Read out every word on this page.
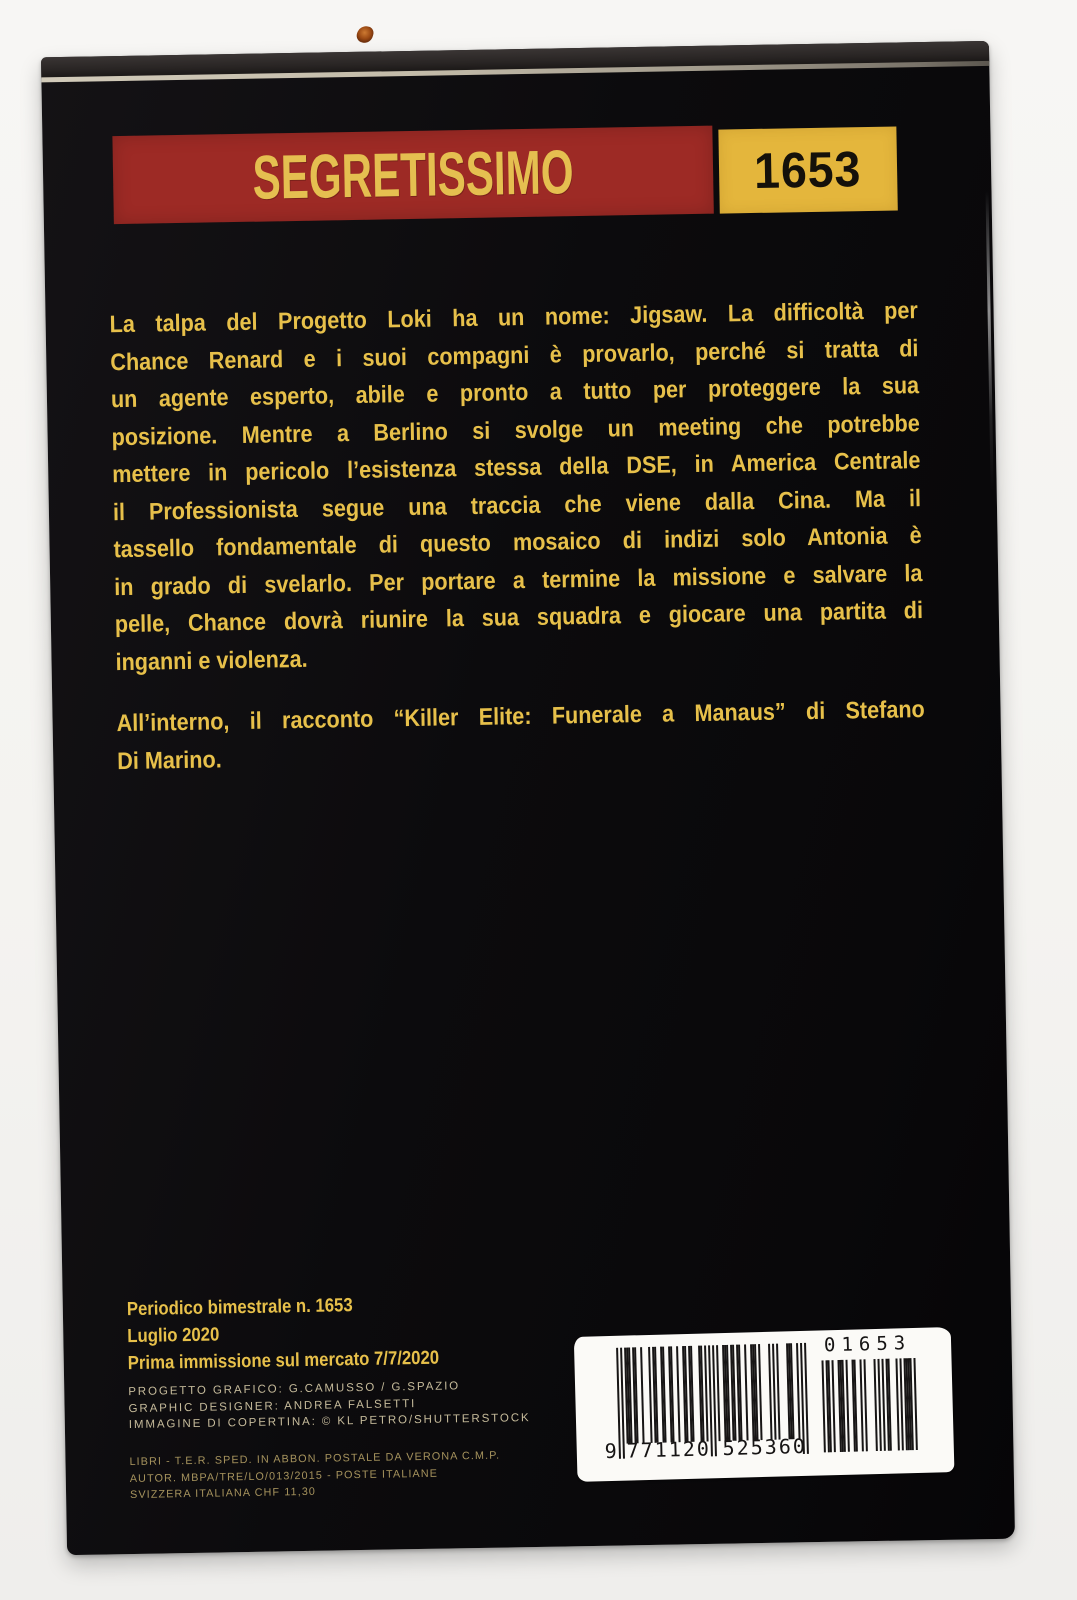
SEGRETISSIMO	1653
La talpa del Progetto Loki ha un nome: Jigsaw. La difficoltà per
Chance Renard e i suoi compagni è provarlo, perché si tratta di
un agente esperto, abile e pronto a tutto per proteggere la sua
posizione. Mentre a Berlino si svolge un meeting che potrebbe
mettere in pericolo l’esistenza stessa della DSE, in America Centrale
il Professionista segue una traccia che viene dalla Cina. Ma il
tassello fondamentale di questo mosaico di indizi solo Antonia è
in grado di svelarlo. Per portare a termine la missione e salvare la
pelle, Chance dovrà riunire la sua squadra e giocare una partita di
inganni e violenza.
All’interno, il racconto “Killer Elite: Funerale a Manaus” di Stefano
Di Marino.
Periodico bimestrale n. 1653
Luglio 2020
Prima immissione sul mercato 7/7/2020
PROGETTO GRAFICO: G.CAMUSSO / G.SPAZIO
GRAPHIC DESIGNER: ANDREA FALSETTI
IMMAGINE DI COPERTINA: © KL PETRO/SHUTTERSTOCK
LIBRI - T.E.R. SPED. IN ABBON. POSTALE DA VERONA C.M.P.
AUTOR. MBPA/TRE/LO/013/2015 - POSTE ITALIANE
SVIZZERA ITALIANA CHF 11,30
01653
9 771120 525360
